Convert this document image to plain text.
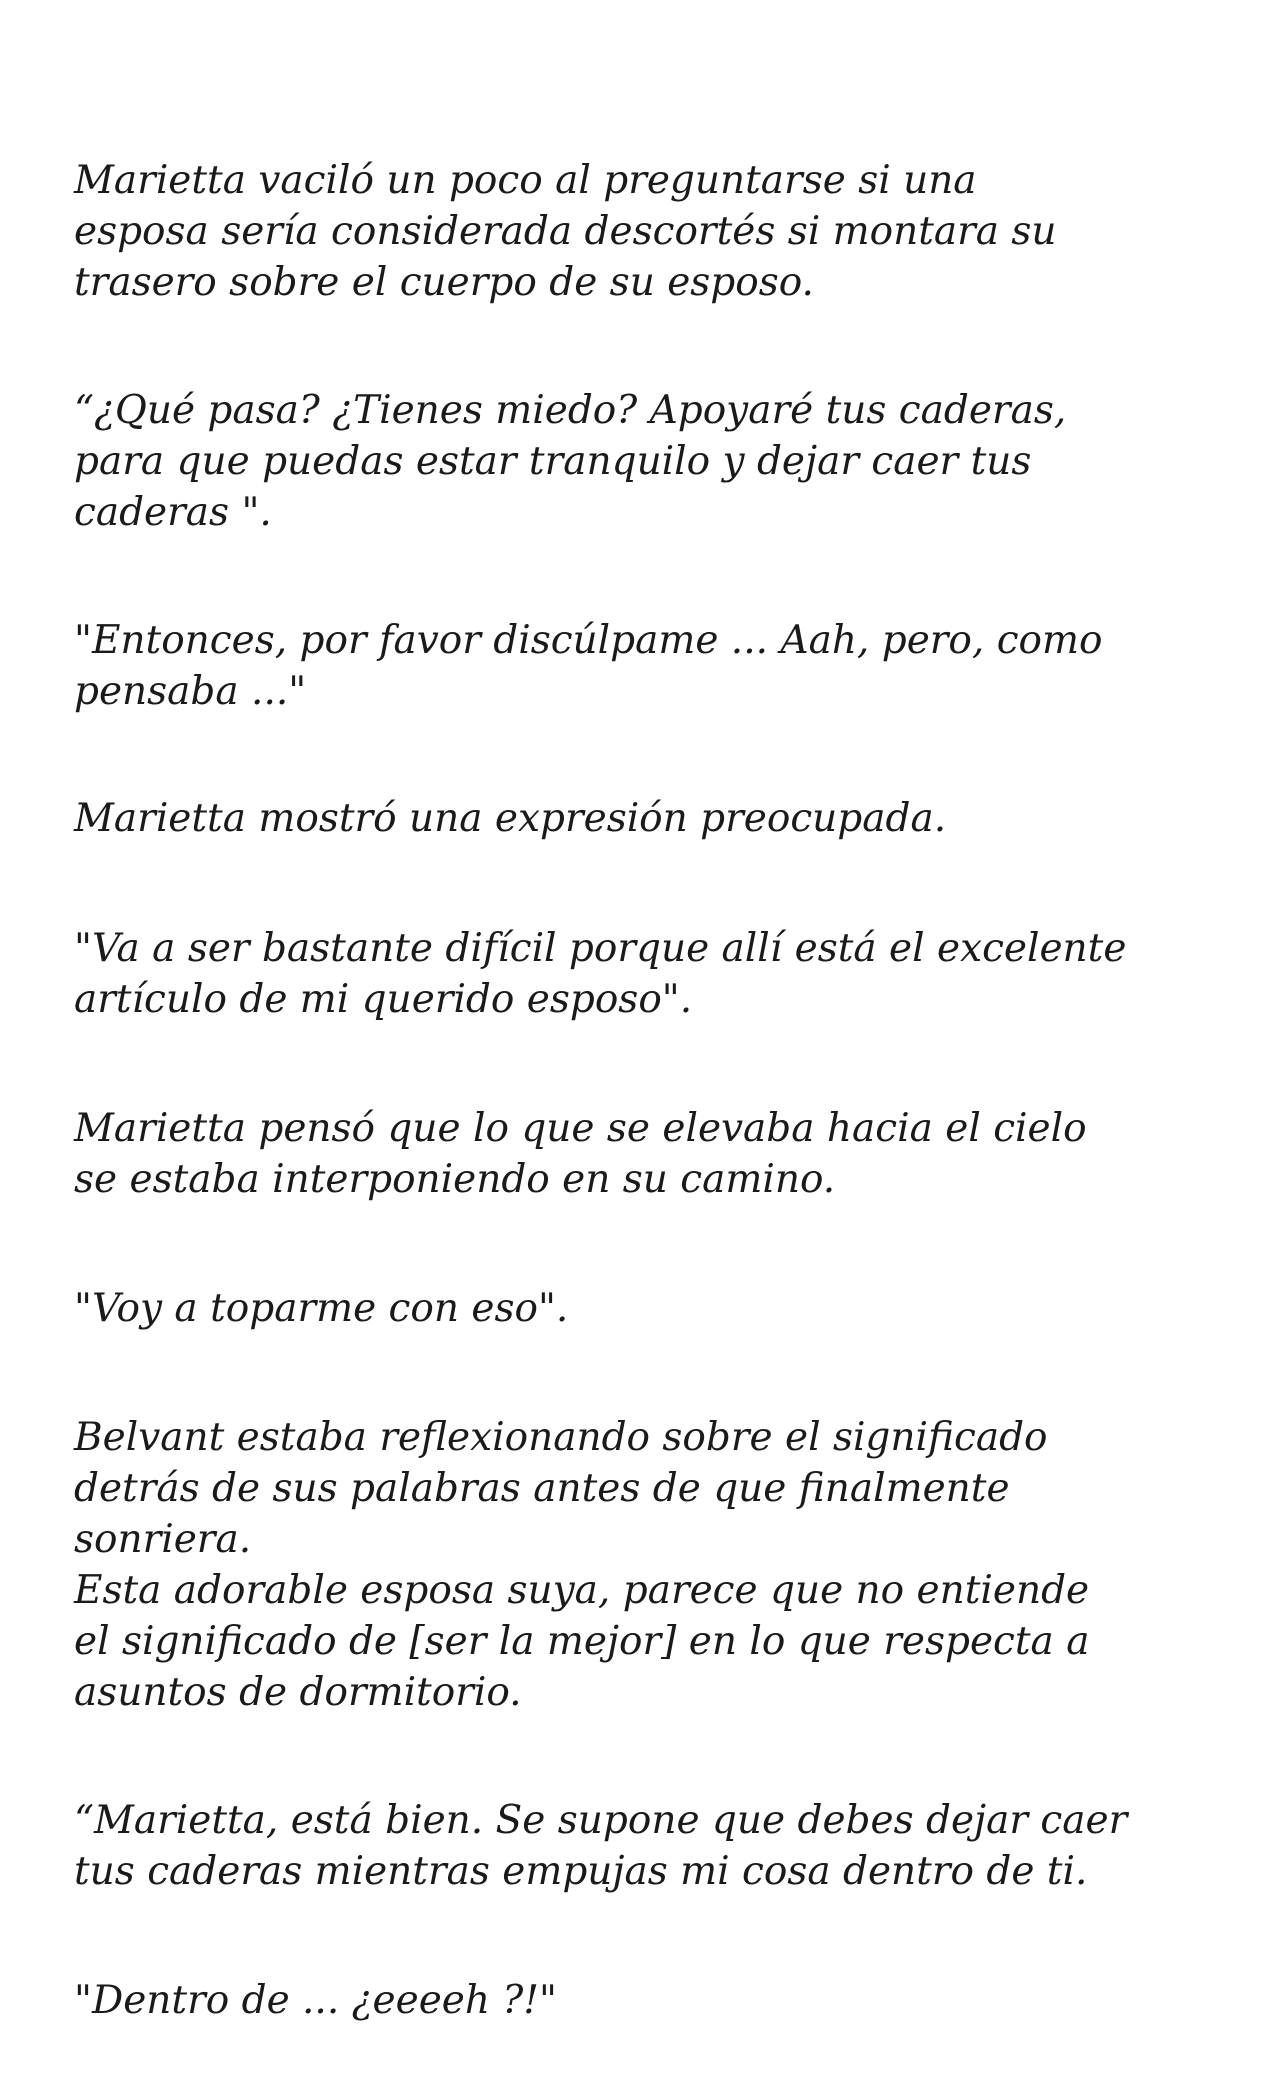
Marietta vaciló un poco al preguntarse si una
esposa sería considerada descortés si montara su
trasero sobre el cuerpo de su esposo.

“¿Qué pasa? ¿Tienes miedo? Apoyaré tus caderas,
para que puedas estar tranquilo y dejar caer tus
caderas ".

"Entonces, por favor discúlpame ... Aah, pero, como
pensaba ..."

Marietta mostró una expresión preocupada.

"Va a ser bastante difícil porque allí está el excelente
artículo de mi querido esposo".

Marietta pensó que lo que se elevaba hacia el cielo
se estaba interponiendo en su camino.

"Voy a toparme con eso".

Belvant estaba reflexionando sobre el significado
detrás de sus palabras antes de que finalmente
sonriera.
Esta adorable esposa suya, parece que no entiende
el significado de [ser la mejor] en lo que respecta a
asuntos de dormitorio.

“Marietta, está bien. Se supone que debes dejar caer
tus caderas mientras empujas mi cosa dentro de ti.

"Dentro de ... ¿eeeeh ?!"
